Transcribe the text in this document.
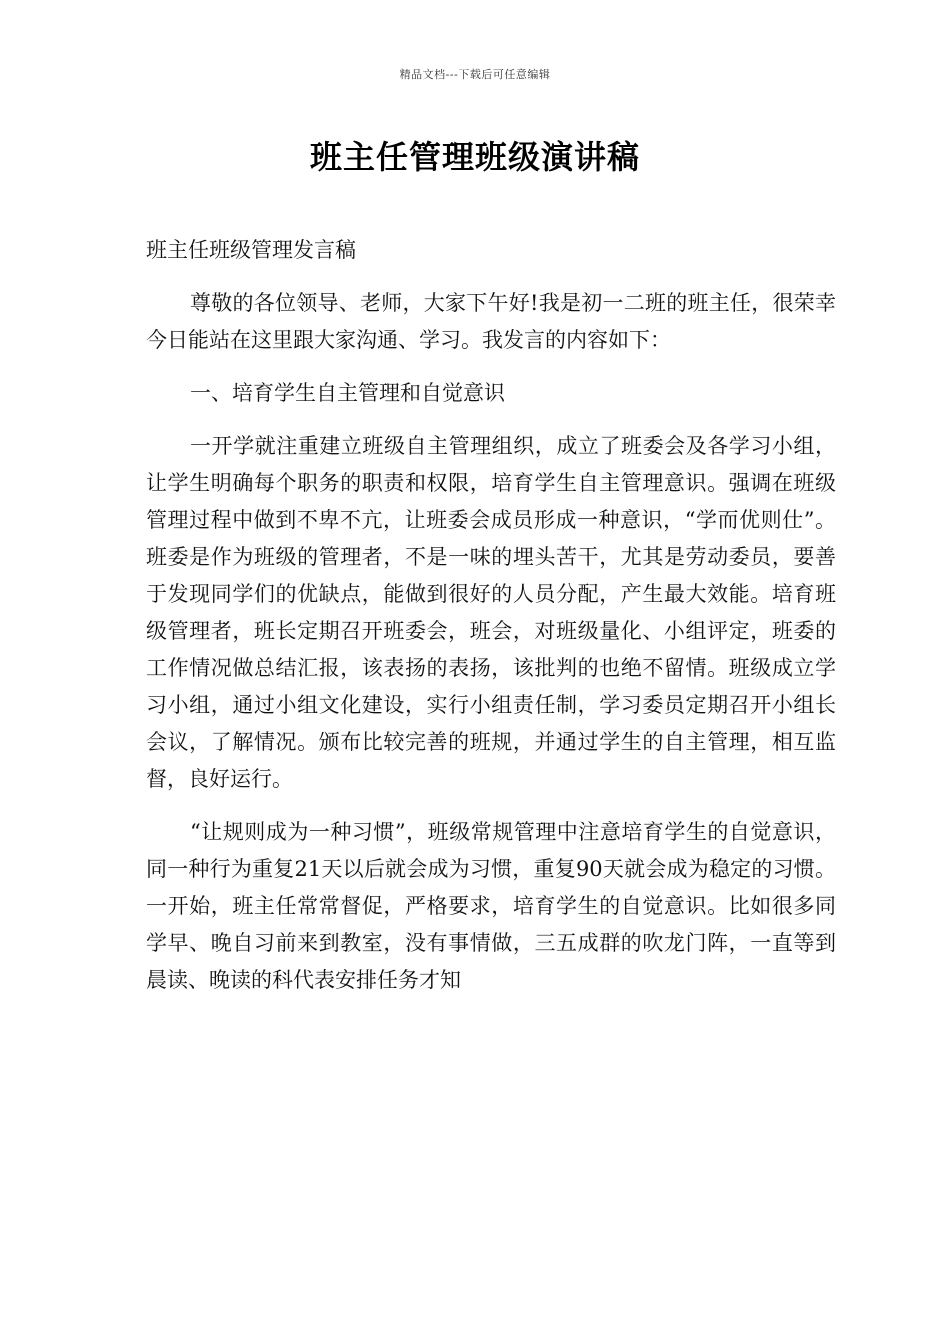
精品文档---下载后可任意编辑
班主任管理班级演讲稿

班主任班级管理发言稿

尊敬的各位领导、老师，大家下午好!我是初一二班的班主任，很荣幸今日能站在这里跟大家沟通、学习。我发言的内容如下：

一、培育学生自主管理和自觉意识

一开学就注重建立班级自主管理组织，成立了班委会及各学习小组，让学生明确每个职务的职责和权限，培育学生自主管理意识。强调在班级管理过程中做到不卑不亢，让班委会成员形成一种意识，“学而优则仕”。班委是作为班级的管理者，不是一味的埋头苦干，尤其是劳动委员，要善于发现同学们的优缺点，能做到很好的人员分配，产生最大效能。培育班级管理者，班长定期召开班委会，班会，对班级量化、小组评定，班委的工作情况做总结汇报，该表扬的表扬，该批判的也绝不留情。班级成立学习小组，通过小组文化建设，实行小组责任制，学习委员定期召开小组长会议，了解情况。颁布比较完善的班规，并通过学生的自主管理，相互监督，良好运行。

“让规则成为一种习惯”，班级常规管理中注意培育学生的自觉意识，同一种行为重复21天以后就会成为习惯，重复90天就会成为稳定的习惯。一开始，班主任常常督促，严格要求，培育学生的自觉意识。比如很多同学早、晚自习前来到教室，没有事情做，三五成群的吹龙门阵，一直等到晨读、晚读的科代表安排任务才知
